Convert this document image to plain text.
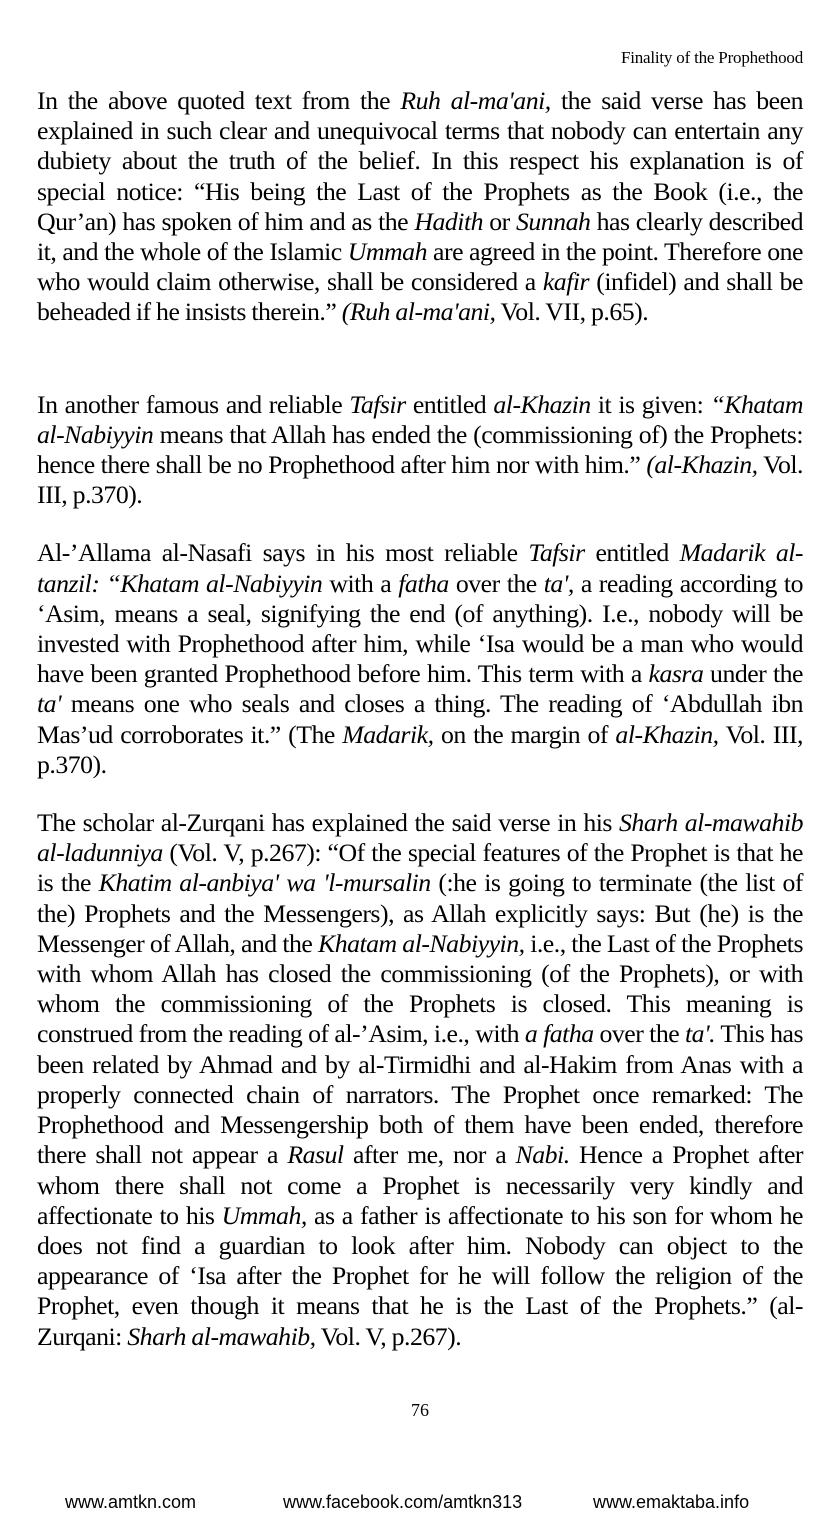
Finality of the Prophethood

In the above quoted text from the Ruh al-ma'ani, the said verse has been explained in such clear and unequivocal terms that nobody can entertain any dubiety about the truth of the belief. In this respect his explanation is of special notice: “His being the Last of the Prophets as the Book (i.e., the Qur’an) has spoken of him and as the Hadith or Sunnah has clearly described it, and the whole of the Islamic Ummah are agreed in the point. Therefore one who would claim otherwise, shall be considered a kafir (infidel) and shall be beheaded if he insists therein.” (Ruh al-ma'ani, Vol. VII, p.65).

In another famous and reliable Tafsir entitled al-Khazin it is given: “Khatam al-Nabiyyin means that Allah has ended the (commissioning of) the Prophets: hence there shall be no Prophethood after him nor with him.” (al-Khazin, Vol. III, p.370).

Al-’Allama al-Nasafi says in his most reliable Tafsir entitled Madarik al-tanzil: “Khatam al-Nabiyyin with a fatha over the ta', a reading according to ‘Asim, means a seal, signifying the end (of anything). I.e., nobody will be invested with Prophethood after him, while ‘Isa would be a man who would have been granted Prophethood before him. This term with a kasra under the ta' means one who seals and closes a thing. The reading of ‘Abdullah ibn Mas’ud corroborates it.” (The Madarik, on the margin of al-Khazin, Vol. III, p.370).

The scholar al-Zurqani has explained the said verse in his Sharh al-mawahib al-ladunniya (Vol. V, p.267): “Of the special features of the Prophet is that he is the Khatim al-anbiya' wa 'l-mursalin (:he is going to terminate (the list of the) Prophets and the Messengers), as Allah explicitly says: But (he) is the Messenger of Allah, and the Khatam al-Nabiyyin, i.e., the Last of the Prophets with whom Allah has closed the commissioning (of the Prophets), or with whom the commissioning of the Prophets is closed. This meaning is construed from the reading of al-’Asim, i.e., with a fatha over the ta'. This has been related by Ahmad and by al-Tirmidhi and al-Hakim from Anas with a properly connected chain of narrators. The Prophet once remarked: The Prophethood and Messengership both of them have been ended, therefore there shall not appear a Rasul after me, nor a Nabi. Hence a Prophet after whom there shall not come a Prophet is necessarily very kindly and affectionate to his Ummah, as a father is affectionate to his son for whom he does not find a guardian to look after him. Nobody can object to the appearance of ‘Isa after the Prophet for he will follow the religion of the Prophet, even though it means that he is the Last of the Prophets.” (al-Zurqani: Sharh al-mawahib, Vol. V, p.267).

76
www.amtkn.com	www.facebook.com/amtkn313	www.emaktaba.info
